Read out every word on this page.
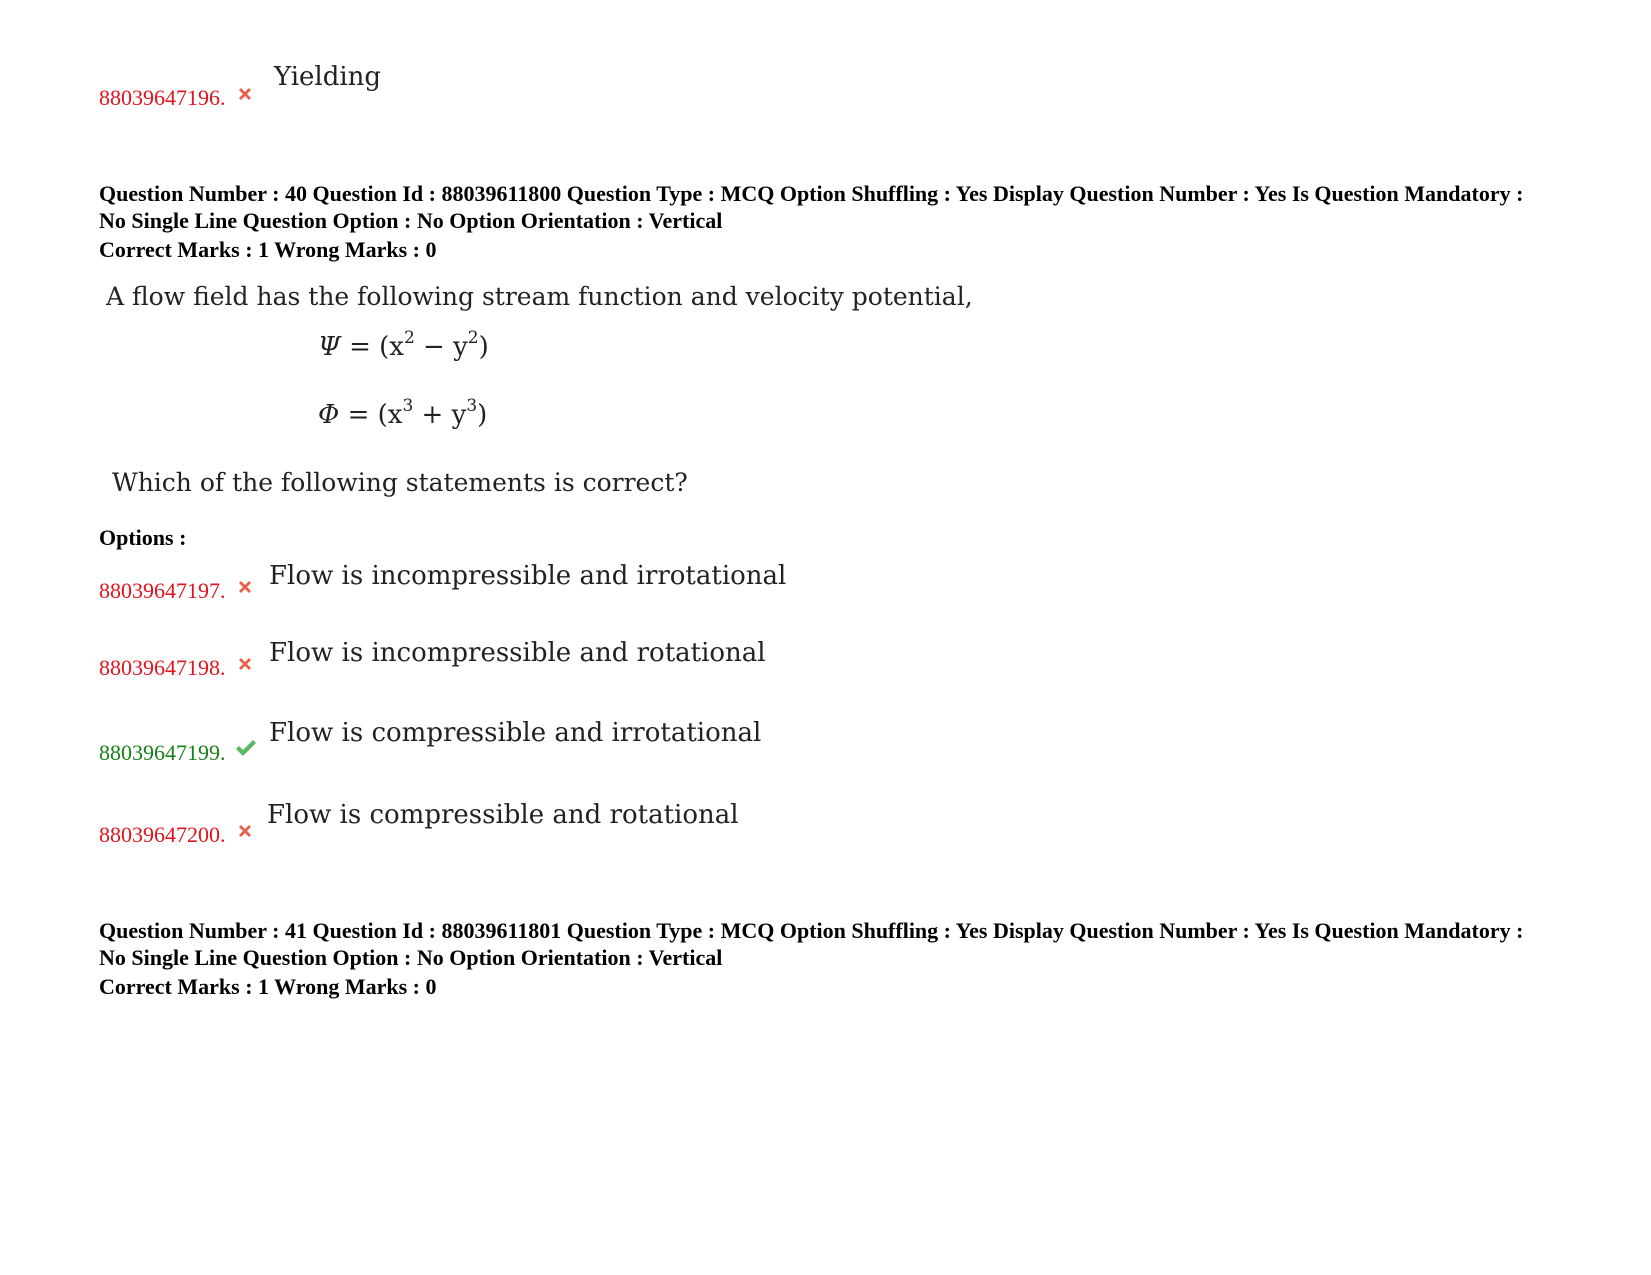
88039647196.
Yielding

Question Number : 40 Question Id : 88039611800 Question Type : MCQ Option Shuffling : Yes Display Question Number : Yes Is Question Mandatory : No Single Line Question Option : No Option Orientation : Vertical

Correct Marks : 1 Wrong Marks : 0

A flow field has the following stream function and velocity potential,
$\Psi = (x^2 - y^2)$
$\Phi = (x^3 + y^3)$
Which of the following statements is correct?
Options :
88039647197. Flow is incompressible and irrotational
88039647198. Flow is incompressible and rotational
88039647199.
Flow is compressible and irrotational
88039647200.
Flow is compressible and rotational

Question Number : 41 Question Id : 88039611801 Question Type : MCQ Option Shuffling : Yes Display Question Number : Yes Is Question Mandatory : No Single Line Question Option : No Option Orientation : Vertical

Correct Marks : 1 Wrong Marks : 0
